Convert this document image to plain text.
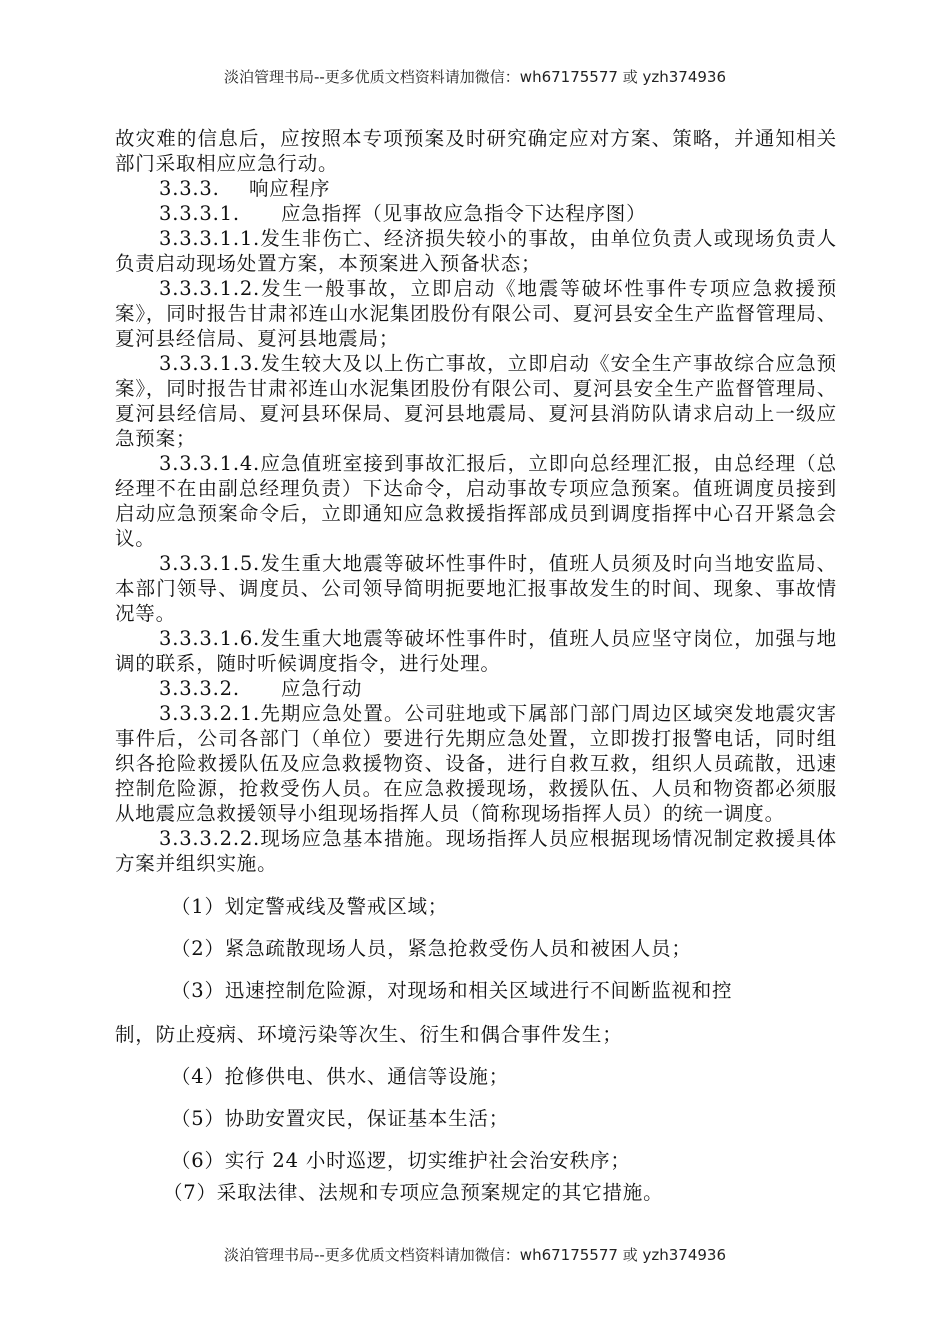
淡泊管理书局--更多优质文档资料请加微信：wh67175577 或 yzh374936

故灾难的信息后，应按照本专项预案及时研究确定应对方案、策略，并通知相关部门采取相应应急行动。

3.3.3. 响应程序

3.3.3.1. 应急指挥（见事故应急指令下达程序图）

3.3.3.1.1.发生非伤亡、经济损失较小的事故，由单位负责人或现场负责人负责启动现场处置方案，本预案进入预备状态；

3.3.3.1.2.发生一般事故，立即启动《地震等破坏性事件专项应急救援预案》，同时报告甘肃祁连山水泥集团股份有限公司、夏河县安全生产监督管理局、夏河县经信局、夏河县地震局；

3.3.3.1.3.发生较大及以上伤亡事故，立即启动《安全生产事故综合应急预案》，同时报告甘肃祁连山水泥集团股份有限公司、夏河县安全生产监督管理局、夏河县经信局、夏河县环保局、夏河县地震局、夏河县消防队请求启动上一级应急预案；

3.3.3.1.4.应急值班室接到事故汇报后，立即向总经理汇报，由总经理（总经理不在由副总经理负责）下达命令，启动事故专项应急预案。值班调度员接到启动应急预案命令后，立即通知应急救援指挥部成员到调度指挥中心召开紧急会议。

3.3.3.1.5.发生重大地震等破坏性事件时，值班人员须及时向当地安监局、本部门领导、调度员、公司领导简明扼要地汇报事故发生的时间、现象、事故情况等。

3.3.3.1.6.发生重大地震等破坏性事件时，值班人员应坚守岗位，加强与地调的联系，随时听候调度指令，进行处理。

3.3.3.2. 应急行动

3.3.3.2.1.先期应急处置。公司驻地或下属部门部门周边区域突发地震灾害事件后，公司各部门（单位）要进行先期应急处置，立即拨打报警电话，同时组织各抢险救援队伍及应急救援物资、设备，进行自救互救，组织人员疏散，迅速控制危险源，抢救受伤人员。在应急救援现场，救援队伍、人员和物资都必须服从地震应急救援领导小组现场指挥人员（简称现场指挥人员）的统一调度。

3.3.3.2.2.现场应急基本措施。现场指挥人员应根据现场情况制定救援具体方案并组织实施。

（1）划定警戒线及警戒区域；

（2）紧急疏散现场人员，紧急抢救受伤人员和被困人员；

（3）迅速控制危险源，对现场和相关区域进行不间断监视和控

制，防止疫病、环境污染等次生、衍生和偶合事件发生；

（4）抢修供电、供水、通信等设施；

（5）协助安置灾民，保证基本生活；

（6）实行 24 小时巡逻，切实维护社会治安秩序；

（7）采取法律、法规和专项应急预案规定的其它措施。

淡泊管理书局--更多优质文档资料请加微信：wh67175577 或 yzh374936
